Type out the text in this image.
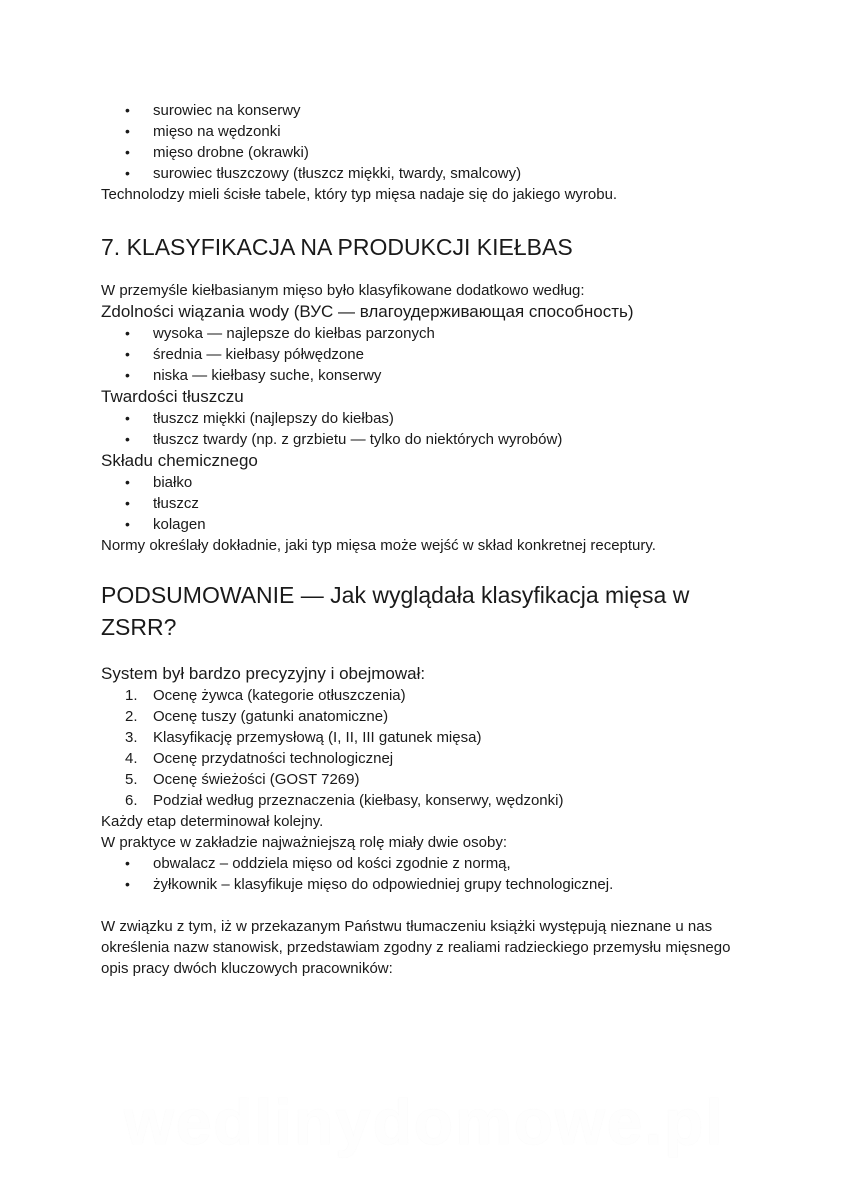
• surowiec na konserwy
• mięso na wędzonki
• mięso drobne (okrawki)
• surowiec tłuszczowy (tłuszcz miękki, twardy, smalcowy)

Technolodzy mieli ścisłe tabele, który typ mięsa nadaje się do jakiego wyrobu.

7. KLASYFIKACJA NA PRODUKCJI KIEŁBAS

W przemyśle kiełbasianym mięso było klasyfikowane dodatkowo według:

Zdolności wiązania wody (ВУС — влагоудерживающая способность)

• wysoka — najlepsze do kiełbas parzonych
• średnia — kiełbasy półwędzone
• niska — kiełbasy suche, konserwy

Twardości tłuszczu

• tłuszcz miękki (najlepszy do kiełbas)
• tłuszcz twardy (np. z grzbietu — tylko do niektórych wyrobów)

Składu chemicznego

• białko
• tłuszcz
• kolagen

Normy określały dokładnie, jaki typ mięsa może wejść w skład konkretnej receptury.

PODSUMOWANIE — Jak wyglądała klasyfikacja mięsa w ZSRR?

System był bardzo precyzyjny i obejmował:

1. Ocenę żywca (kategorie otłuszczenia)
2. Ocenę tuszy (gatunki anatomiczne)
3. Klasyfikację przemysłową (I, II, III gatunek mięsa)
4. Ocenę przydatności technologicznej
5. Ocenę świeżości (GOST 7269)
6. Podział według przeznaczenia (kiełbasy, konserwy, wędzonki)

Każdy etap determinował kolejny.

W praktyce w zakładzie najważniejszą rolę miały dwie osoby:

• obwalacz – oddziela mięso od kości zgodnie z normą,
• żyłkownik – klasyfikuje mięso do odpowiedniej grupy technologicznej.

W związku z tym, iż w przekazanym Państwu tłumaczeniu książki występują nieznane u nas określenia nazw stanowisk, przedstawiam zgodny z realiami radzieckiego przemysłu mięsnego opis pracy dwóch kluczowych pracowników:

wedlinydomowe.pl
